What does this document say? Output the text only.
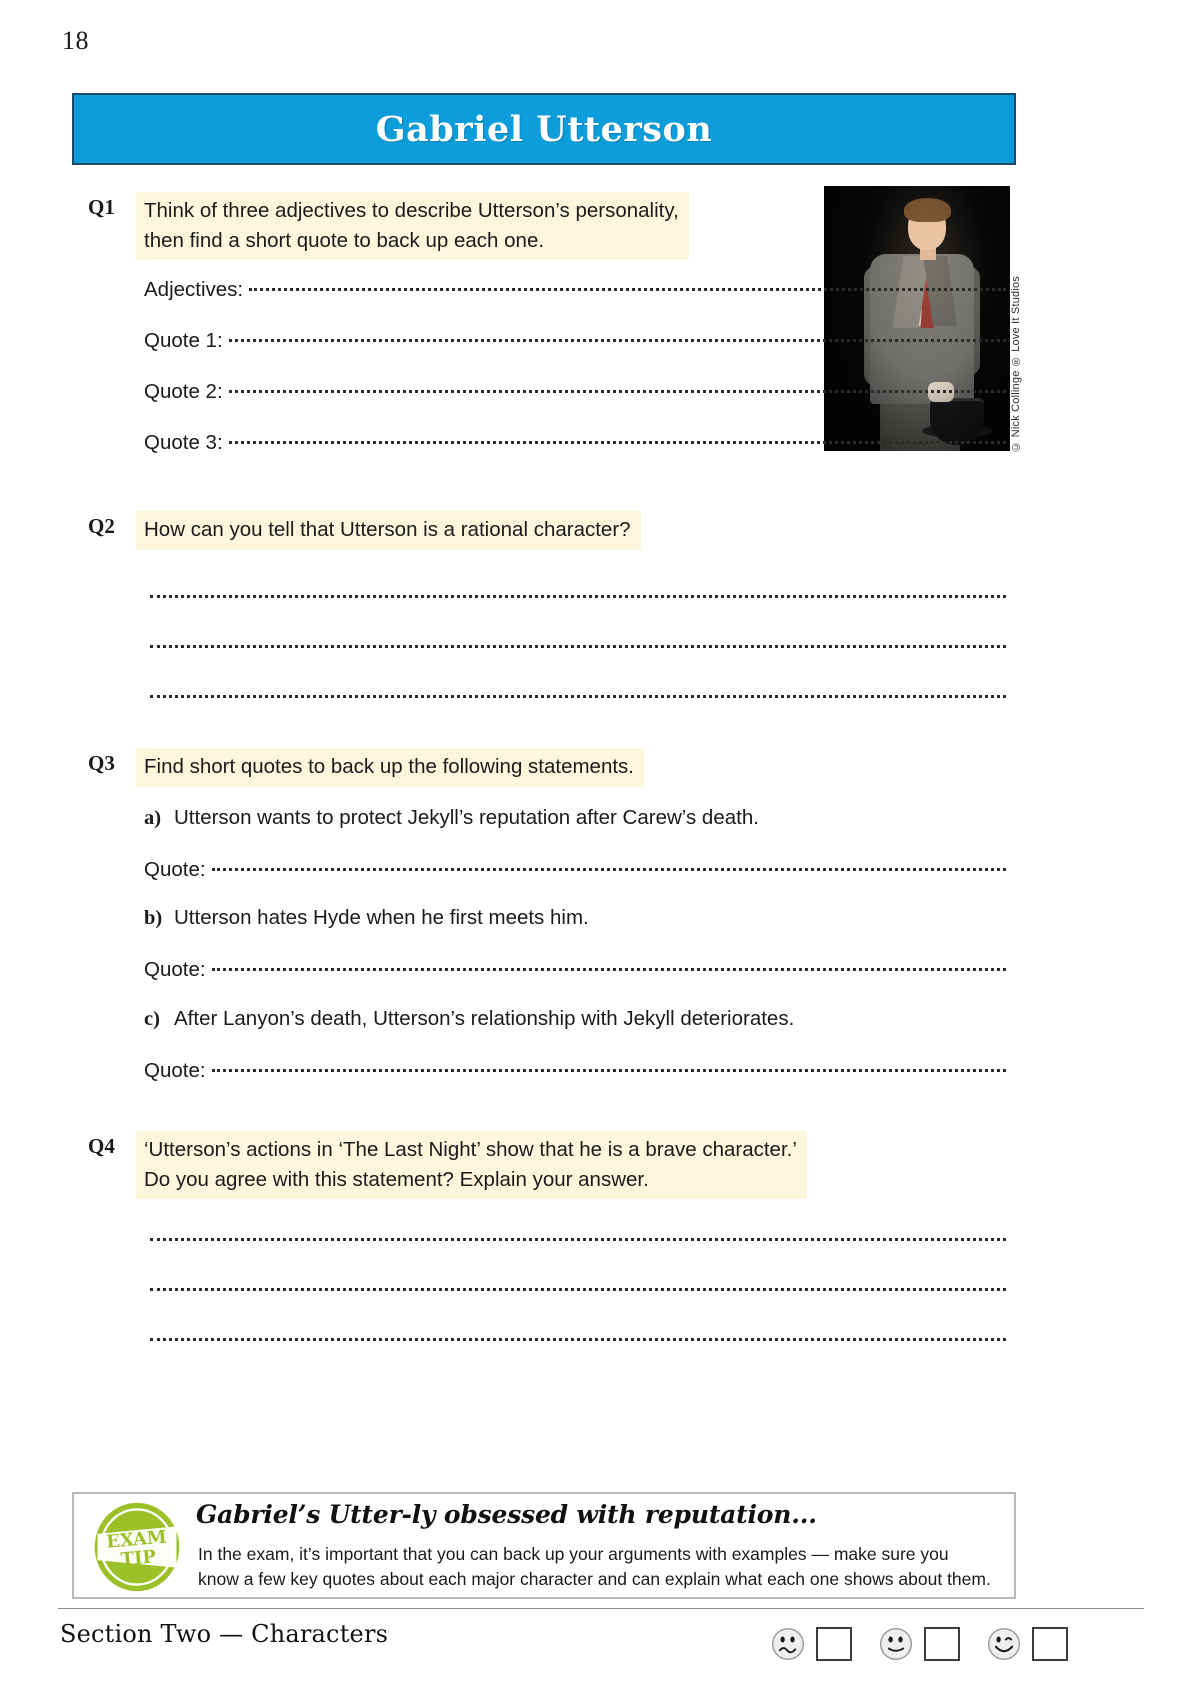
18
Gabriel Utterson
© Nick Collinge ® Love It Studios
Q1	Think of three adjectives to describe Utterson’s personality,
then find a short quote to back up each one.
Adjectives:
Quote 1:
Quote 2:
Quote 3:
Q2	How can you tell that Utterson is a rational character?
Q3	Find short quotes to back up the following statements.
a) Utterson wants to protect Jekyll’s reputation after Carew’s death.
Quote:
b) Utterson hates Hyde when he first meets him.
Quote:
c) After Lanyon’s death, Utterson’s relationship with Jekyll deteriorates.
Quote:
Q4	‘Utterson’s actions in ‘The Last Night’ show that he is a brave character.’
Do you agree with this statement? Explain your answer.
EXAM
TIP
Gabriel’s Utter-ly obsessed with reputation...
In the exam, it’s important that you can back up your arguments with examples — make sure you
know a few key quotes about each major character and can explain what each one shows about them.
Section Two — Characters
